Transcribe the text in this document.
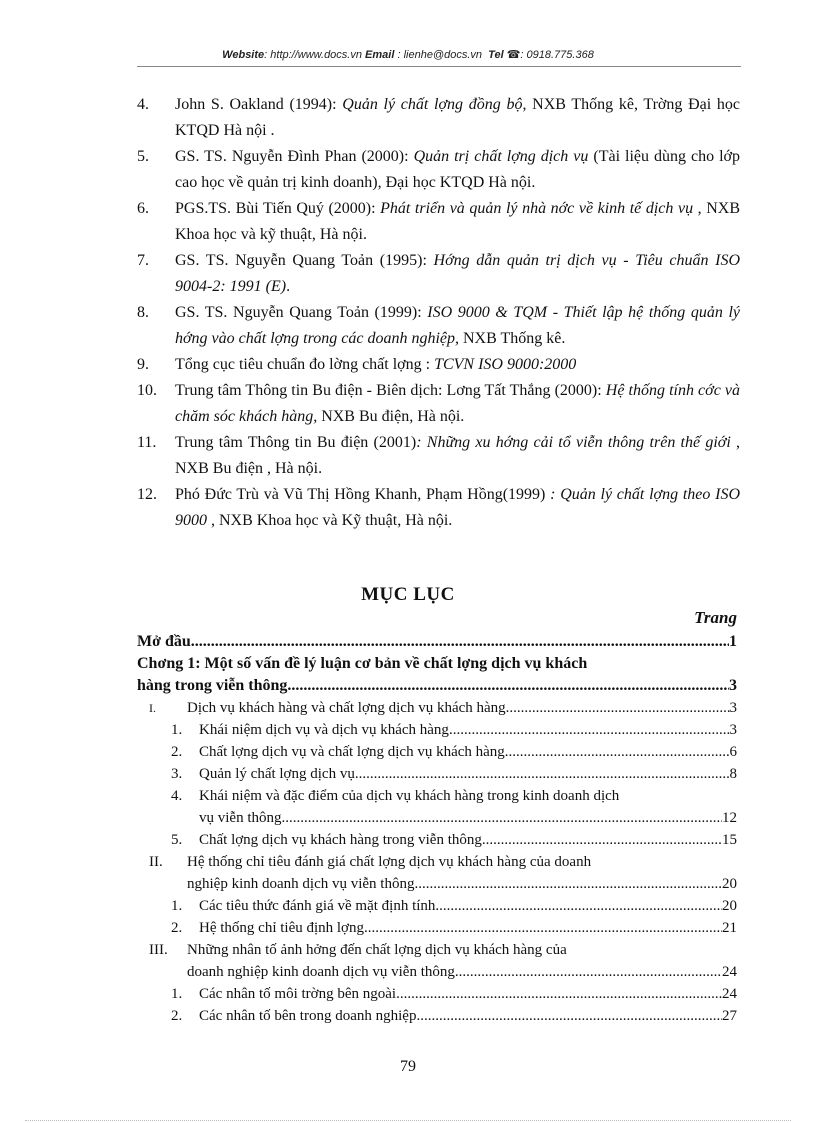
Website: http://www.docs.vn Email : lienhe@docs.vn Tel ☎: 0918.775.368
4.	John S. Oakland (1994): Quản lý chất lợng đồng bộ, NXB Thống kê, Trờng Đại học KTQD Hà nội .
5.	GS. TS. Nguyễn Đình Phan (2000): Quản trị chất lợng dịch vụ (Tài liệu dùng cho lớp cao học về quản trị kinh doanh), Đại học KTQD Hà nội.
6.	PGS.TS. Bùi Tiến Quý (2000): Phát triển và quản lý nhà nớc về kinh tế dịch vụ , NXB Khoa học và kỹ thuật, Hà nội.
7.	GS. TS. Nguyễn Quang Toản (1995): Hớng dẫn quản trị dịch vụ - Tiêu chuẩn ISO 9004-2: 1991 (E).
8.	GS. TS. Nguyễn Quang Toản (1999): ISO 9000 & TQM - Thiết lập hệ thống quản lý hớng vào chất lợng trong các doanh nghiệp, NXB Thống kê.
9.	Tổng cục tiêu chuẩn đo lờng chất lợng : TCVN ISO 9000:2000
10.	Trung tâm Thông tin Bu điện - Biên dịch: Lơng Tất Thắng (2000): Hệ thống tính cớc và chăm sóc khách hàng, NXB Bu điện, Hà nội.
11.	Trung tâm Thông tin Bu điện (2001): Những xu hớng cải tổ viễn thông trên thế giới , NXB Bu điện , Hà nội.
12.	Phó Đức Trù và Vũ Thị Hồng Khanh, Phạm Hồng(1999) : Quản lý chất lợng theo ISO 9000 , NXB Khoa học và Kỹ thuật, Hà nội.
MỤC LỤC
Trang
Mở đầu .....	1
Chơng 1: Một số vấn đề lý luận cơ bản về chất lợng dịch vụ khách
hàng trong viễn thông .....	3
I. Dịch vụ khách hàng và chất lợng dịch vụ khách hàng. .....	3
1. Khái niệm dịch vụ và dịch vụ khách hàng .....	3
2. Chất lợng dịch vụ và chất lợng dịch vụ khách hàng .....	6
3. Quản lý chất lợng dịch vụ .....	8
4. Khái niệm và đặc điểm của dịch vụ khách hàng trong kinh doanh dịch
vụ viễn thông .....	12
5. Chất lợng dịch vụ khách hàng trong viễn thông .....	15
II. Hệ thống chỉ tiêu đánh giá chất lợng dịch vụ khách hàng của doanh
nghiệp kinh doanh dịch vụ viễn thông .....	20
1. Các tiêu thức đánh giá về mặt định tính .....	20
2. Hệ thống chỉ tiêu định lợng .....	21
III. Những nhân tố ảnh hởng đến chất lợng dịch vụ khách hàng của
doanh nghiệp kinh doanh dịch vụ viễn thông .....	24
1. Các nhân tố môi trờng bên ngoài .....	24
2. Các nhân tố bên trong doanh nghiệp .....	27
79
